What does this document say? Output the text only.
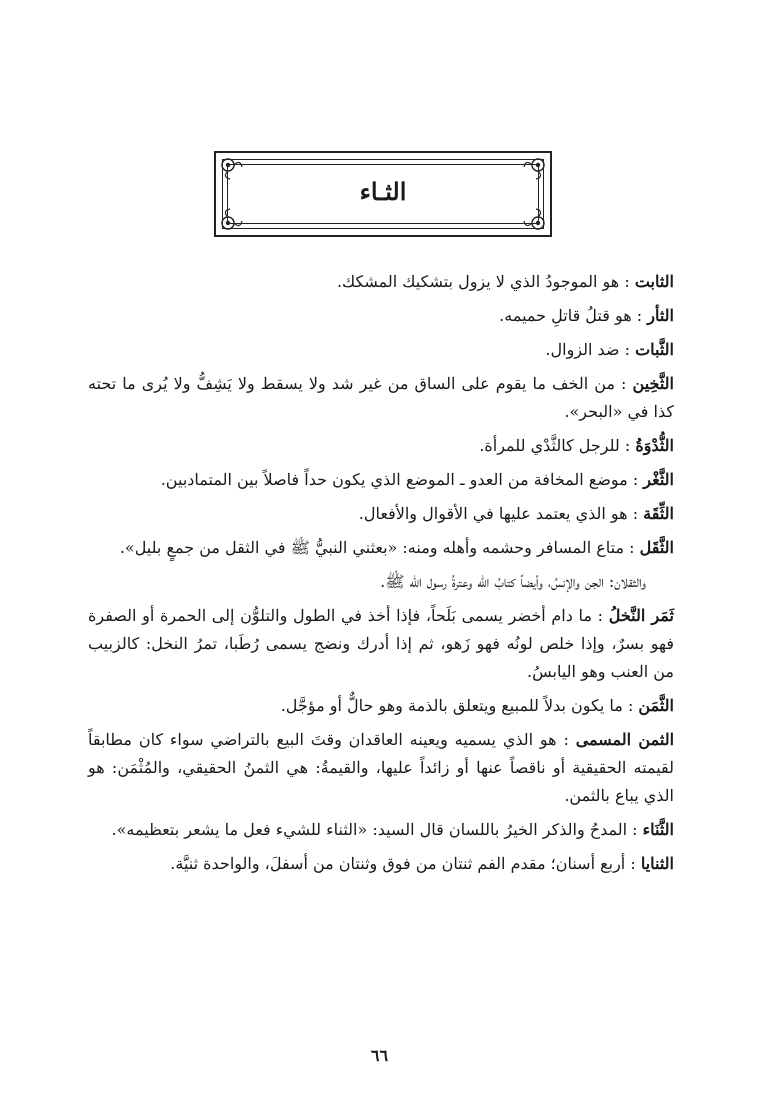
الثـاء

الثابت : هو الموجودُ الذي لا يزول بتشكيك المشكك.

الثأر : هو قتلُ قاتلِ حميمه.

الثَّبات : ضد الزوال.

الثَّخِين : من الخف ما يقوم على الساق من غير شد ولا يسقط ولا يَشِفُّ ولا يُرى ما تحته كذا في «البحر».

الثُّدْوَةُ : للرجل كالثَّدْي للمرأة.

الثَّغْر : موضع المخافة من العدو ـ الموضع الذي يكون حداً فاصلاً بين المتمادبين.

الثِّقَة : هو الذي يعتمد عليها في الأقوال والأفعال.

الثَّقَل : متاع المسافر وحشمه وأهله ومنه: «بعثني النبيُّ ﷺ في الثقل من جمعٍ بليل».

والثقلان: الجن والإنسُ، وأيضاً كتابُ الله وعترةُ رسول الله ﷺ.

ثَمَر النَّخلُ : ما دام أخضر يسمى بَلَحاً، فإذا أخذ في الطول والتلوُّن إلى الحمرة أو الصفرة فهو بسرٌ، وإذا خلص لونُه فهو زَهو، ثم إذا أدرك ونضج يسمى رُطَبا، تمرُ النخل: كالزبيب من العنب وهو اليابسُ.

الثَّمَن : ما يكون بدلاً للمبيع ويتعلق بالذمة وهو حالٌّ أو مؤجَّل.

الثمن المسمى : هو الذي يسميه ويعينه العاقدان وقتَ البيع بالتراضي سواء كان مطابقاً لقيمته الحقيقية أو ناقصاً عنها أو زائداً عليها، والقيمةُ: هي الثمنُ الحقيقي، والمُثْمَن: هو الذي يباع بالثمن.

الثَّنَاء : المدحُ والذكر الخيرُ باللسان قال السيد: «الثناء للشيء فعل ما يشعر بتعظيمه».

الثنايا : أربع أسنان؛ مقدم الفم ثنتان من فوق وثنتان من أسفلَ، والواحدة ثنيَّة.

٦٦
